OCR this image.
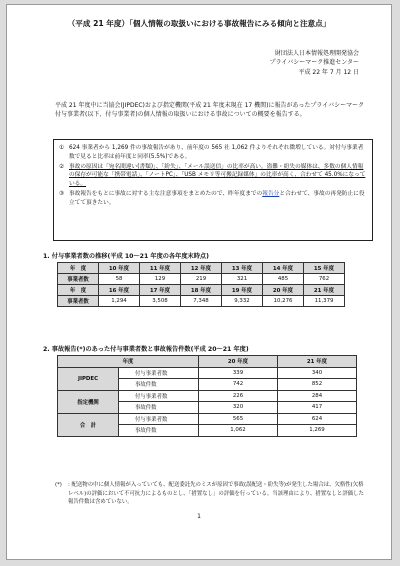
（平成 21 年度）「個人情報の取扱いにおける事故報告にみる傾向と注意点」
財団法人日本情報処理開発協会
プライバシーマーク推進センター
平成 22 年 7 月 12 日
平成 21 年度中に当協会(JIPDEC)および指定機関(平成 21 年度末現在 17 機関)に報告があったプライバシーマーク付与事業者(以下、付与事業者)の個人情報の取扱いにおける事故についての概要を報告する。
① 624 事業者から 1,269 件の事故報告があり、前年度の 565 社 1,062 件よりそれぞれ微増している。対付与事業者数で見ると比率は前年度と同率(5.5%)である。
② 事故の原因は「宛名間違い(書類)」、「紛失」、「メール誤送信」の比率が高い。盗難・紛失の媒体は、多数の個人情報の保存が可能な「携帯電話」、「ノートPC」、「USB メモリ等可搬記録媒体」の比率が高く、合わせて 45.0%になっている。
③ 事故報告をもとに事故に対する主な注意事項をまとめたので、昨年度までの報告分と合わせて、事故の再発防止に役立てて頂きたい。
1. 付与事業者数の推移(平成 10～21 年度の各年度末時点)
年　度	10 年度	11 年度	12 年度	13 年度	14 年度	15 年度
事業者数	58	129	219	321	485	762
年　度	16 年度	17 年度	18 年度	19 年度	20 年度	21 年度
事業者数	1,294	3,508	7,348	9,332	10,276	11,379
2. 事故報告(*)のあった付与事業者数と事故報告件数(平成 20～21 年度)
年度		20 年度	21 年度
JIPDEC	付与事業者数	339	340
	事故件数	742	852
指定機関	付与事業者数	226	284
	事故件数	320	417
合　計	付与事業者数	565	624
	事故件数	1,062	1,269
(*)	: 配送物の中に個人情報が入っていても、配送委託先のミスが原因で事故(誤配送・紛失等)が発生した場合は、欠格性(欠格レベル)の評価において不可抗力によるものとし、「措置なし」の評価を行っている。当該理由により、措置なしと評価した報告件数は含めていない。
1
